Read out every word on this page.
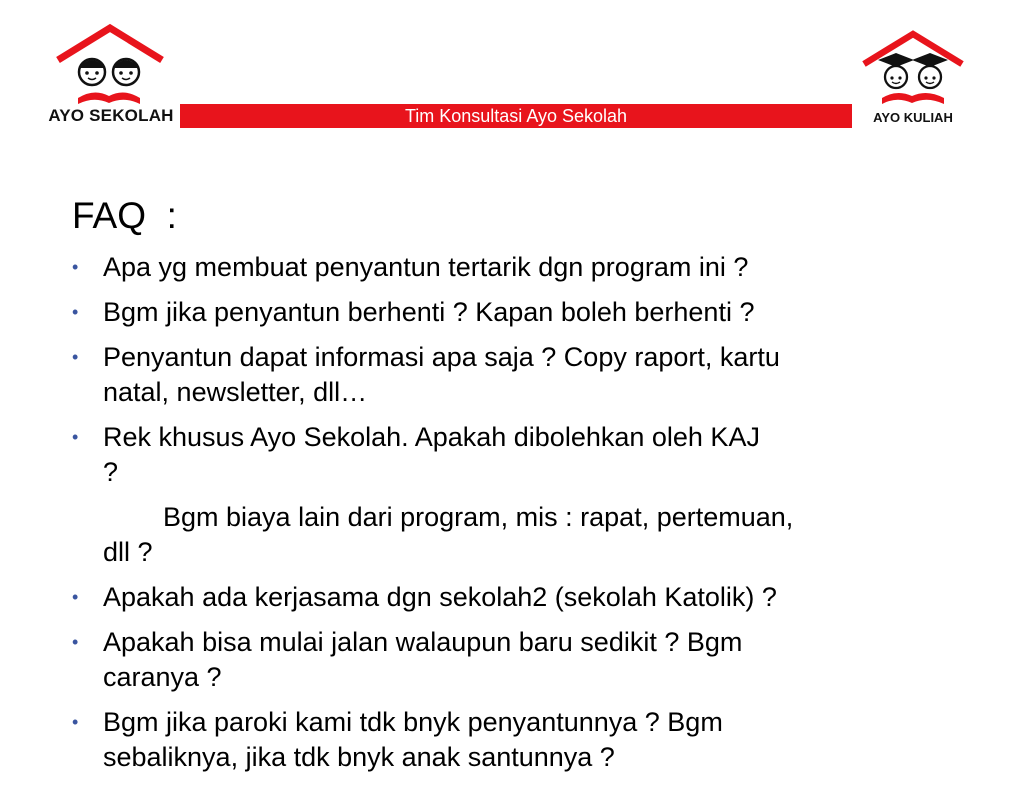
AYO SEKOLAH	Tim Konsultasi Ayo Sekolah	AYO KULIAH
FAQ  :
• Apa yg membuat penyantun tertarik dgn program ini ?
• Bgm jika penyantun berhenti ? Kapan boleh berhenti ?
• Penyantun dapat informasi apa saja ? Copy raport, kartu
natal, newsletter, dll…
• Rek khusus Ayo Sekolah. Apakah dibolehkan oleh KAJ
?
Bgm biaya lain dari program, mis : rapat, pertemuan,
dll ?
• Apakah ada kerjasama dgn sekolah2 (sekolah Katolik) ?
• Apakah bisa mulai jalan walaupun baru sedikit ? Bgm
caranya ?
• Bgm jika paroki kami tdk bnyk penyantunnya ? Bgm
sebaliknya, jika tdk bnyk anak santunnya ?
